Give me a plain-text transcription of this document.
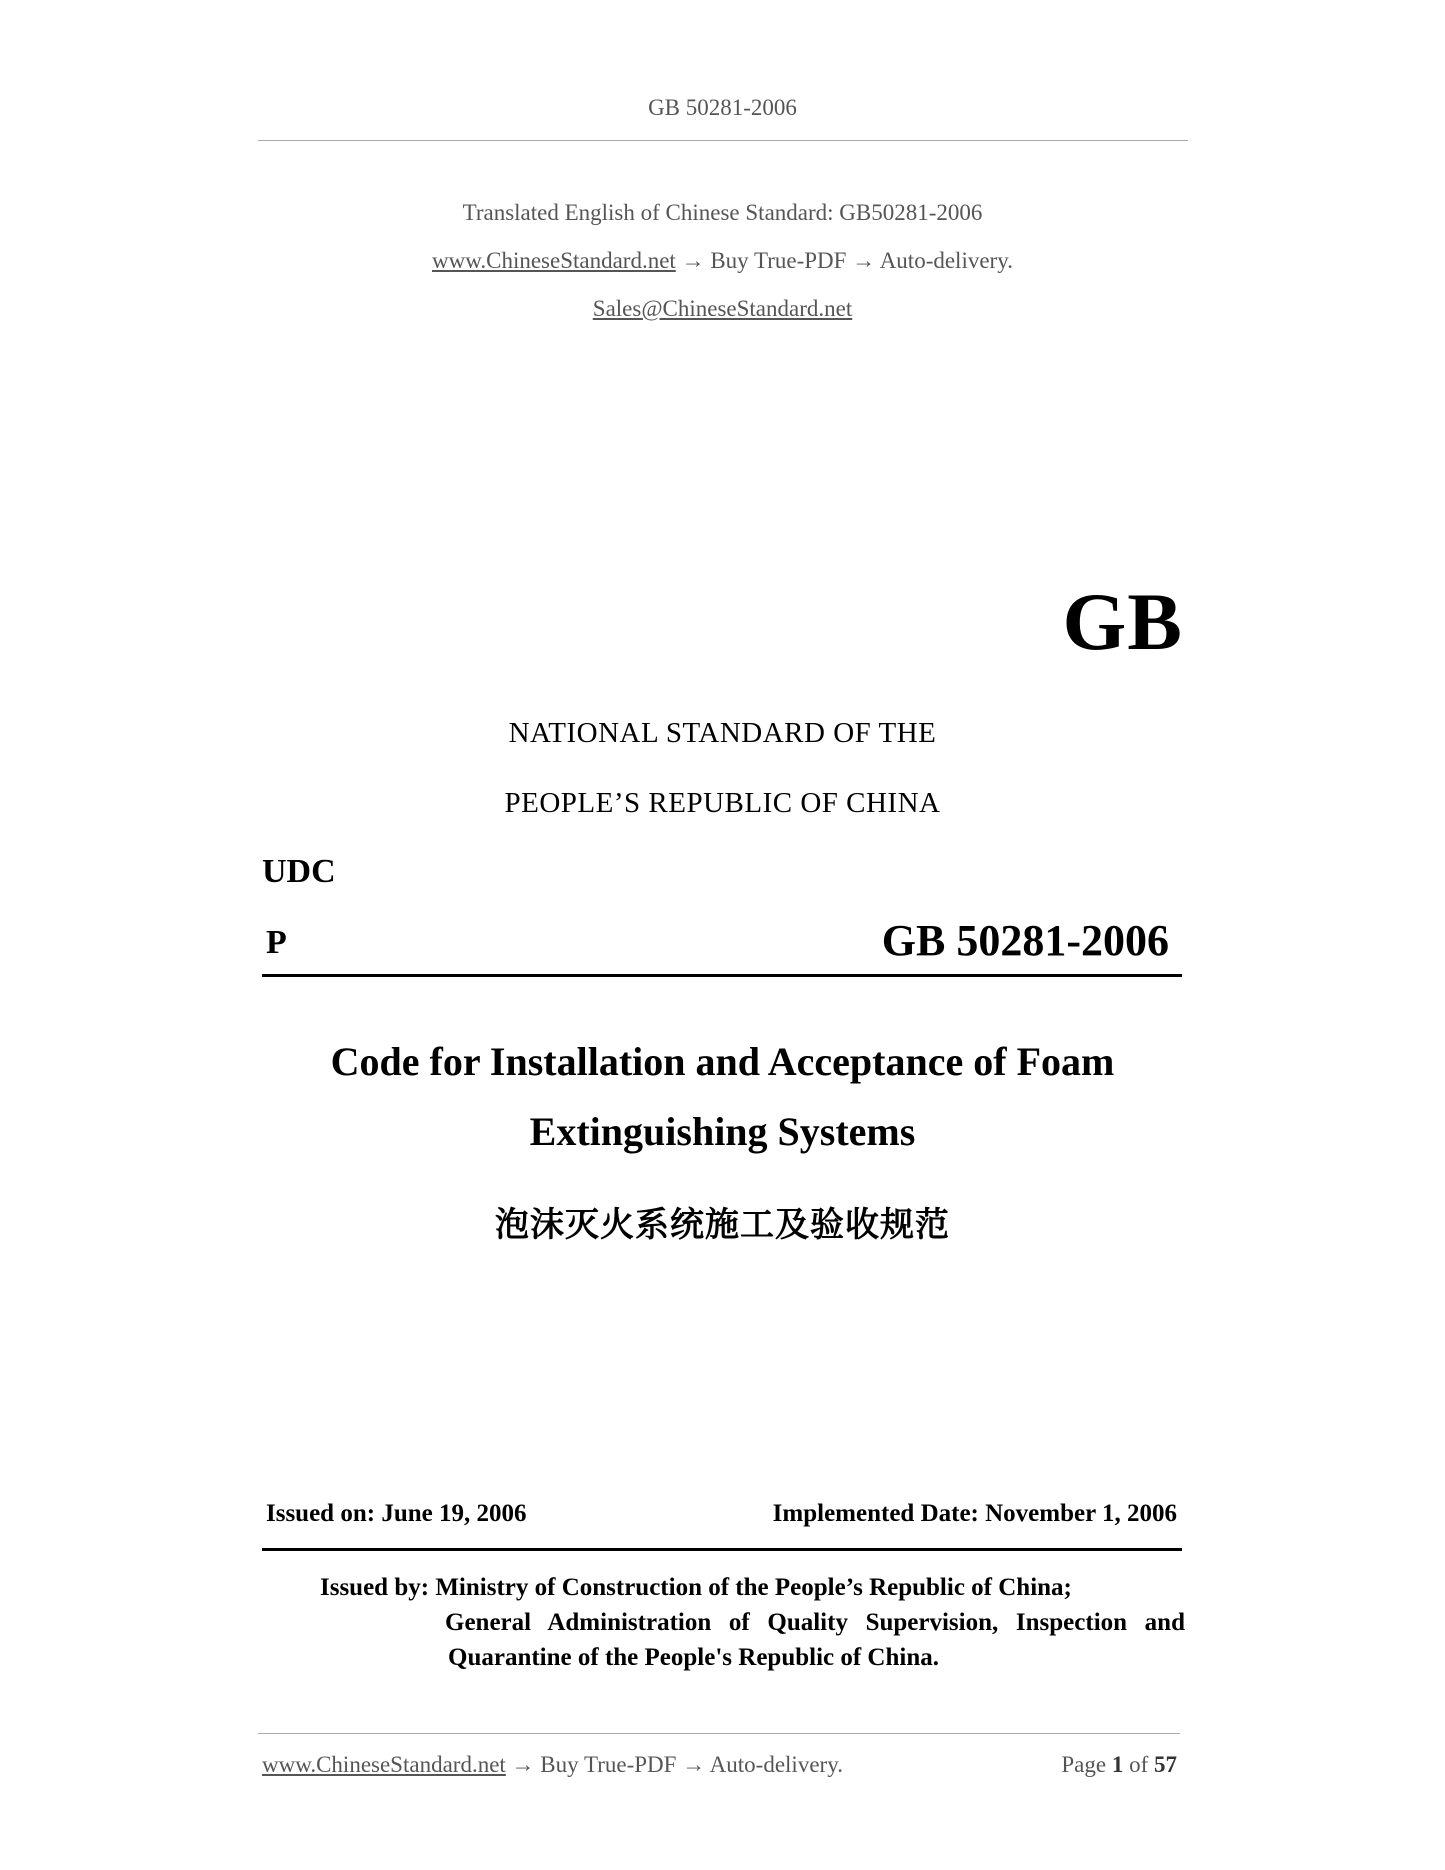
GB 50281-2006
Translated English of Chinese Standard: GB50281-2006
www.ChineseStandard.net → Buy True-PDF → Auto-delivery.
Sales@ChineseStandard.net
GB
NATIONAL STANDARD OF THE
PEOPLE’S REPUBLIC OF CHINA
UDC
P	GB 50281-2006
Code for Installation and Acceptance of Foam
Extinguishing Systems
泡沫灭火系统施工及验收规范
Issued on: June 19, 2006	Implemented Date: November 1, 2006
Issued by: Ministry of Construction of the People’s Republic of China;
General Administration of Quality Supervision, Inspection and
Quarantine of the People's Republic of China.
www.ChineseStandard.net → Buy True-PDF → Auto-delivery.	Page 1 of 57
